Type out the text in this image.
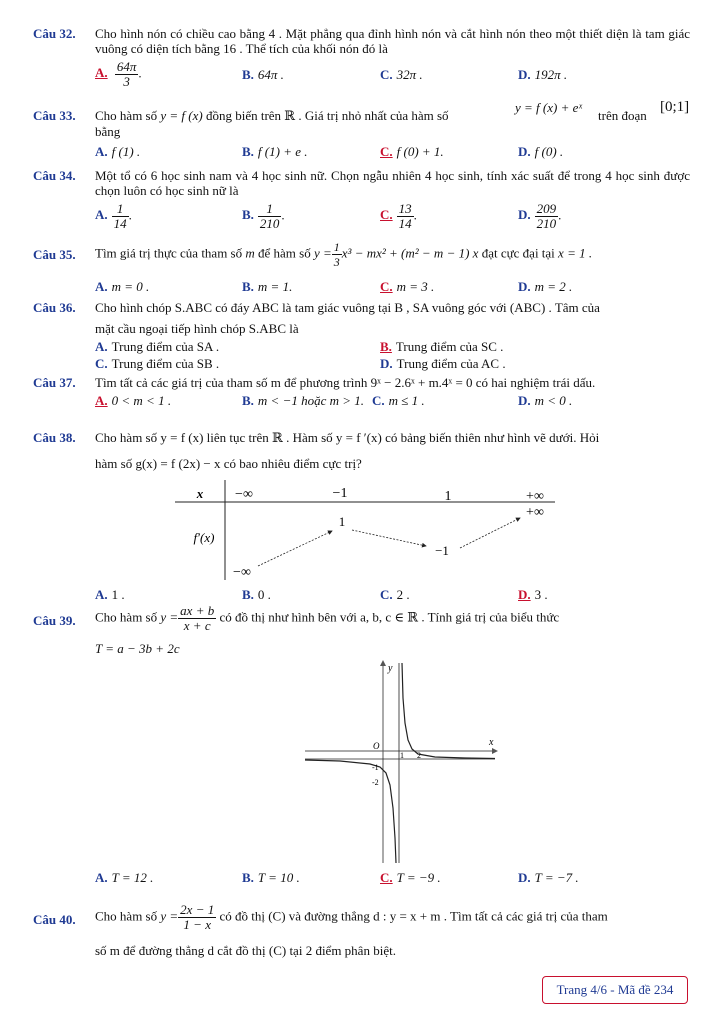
Câu 32. Cho hình nón có chiều cao bằng 4 . Mặt phẳng qua đỉnh hình nón và cắt hình nón theo một thiết diện là tam giác vuông có diện tích bằng 16 . Thể tích của khối nón đó là
A. $\frac{64\pi}{3}$ .	B. 64π .	C. 32π .	D. 192π .
Câu 33. Cho hàm số y = f (x) đồng biến trên ℝ . Giá trị nhỏ nhất của hàm số
y = f (x) + eˣ
trên đoạn
[0;1]
bằng
A. f (1) .	B. f (1) + e .	C. f (0) + 1.	D. f (0) .
Câu 34. Một tổ có 6 học sinh nam và 4 học sinh nữ. Chọn ngẫu nhiên 4 học sinh, tính xác suất để trong 4 học sinh được chọn luôn có học sinh nữ là
A. $\frac{1}{14}$ .	B. $\frac{1}{210}$ .	C. $\frac{13}{14}$ .	D. $\frac{209}{210}$ .
Câu 35. Tìm giá trị thực của tham số m để hàm số $y = \frac{1}{3} x^3 - mx^2 + (m^2 - m - 1)$ x đạt cực đại tại x = 1 .
A. m = 0 .	B. m = 1.	C. m = 3 .	D. m = 2 .
Câu 36. Cho hình chóp S.ABC có đáy ABC là tam giác vuông tại B , SA vuông góc với (ABC) . Tâm của
mặt cầu ngoại tiếp hình chóp S.ABC là
A. Trung điểm của SA .	B. Trung điểm của SC .
C. Trung điểm của SB .	D. Trung điểm của AC .
Câu 37. Tìm tất cả các giá trị của tham số m để phương trình 9ˣ − 2.6ˣ + m.4ˣ = 0 có hai nghiệm trái dấu.
A. 0 < m < 1 .	B. m < −1 hoặc m > 1. C. m ≤ 1 .	D. m < 0 .
Câu 38. Cho hàm số y = f (x) liên tục trên ℝ . Hàm số y = f ′(x) có bảng biến thiên như hình vẽ dưới. Hỏi
hàm số g(x) = f (2x) − x có bao nhiêu điểm cực trị?
x
f′(x)
−∞	−1	1	+∞
+∞
1
−1
−∞
A. 1 .	B. 0 .	C. 2 .	D. 3 .
Câu 39. Cho hàm số $y = \frac{ax + b}{x + c}$ có đồ thị như hình bên với a, b, c ∈ ℝ . Tính giá trị của biểu thức
T = a − 3b + 2c
y
x
O
1 2
-1
-2
A. T = 12 .	B. T = 10 .	C. T = −9 .	D. T = −7 .
Câu 40. Cho hàm số $y = \frac{2x - 1}{1 - x}$ có đồ thị (C) và đường thẳng d : y = x + m . Tìm tất cả các giá trị của tham
số m để đường thẳng d cắt đồ thị (C) tại 2 điểm phân biệt.
Trang 4/6 - Mã đề 234
